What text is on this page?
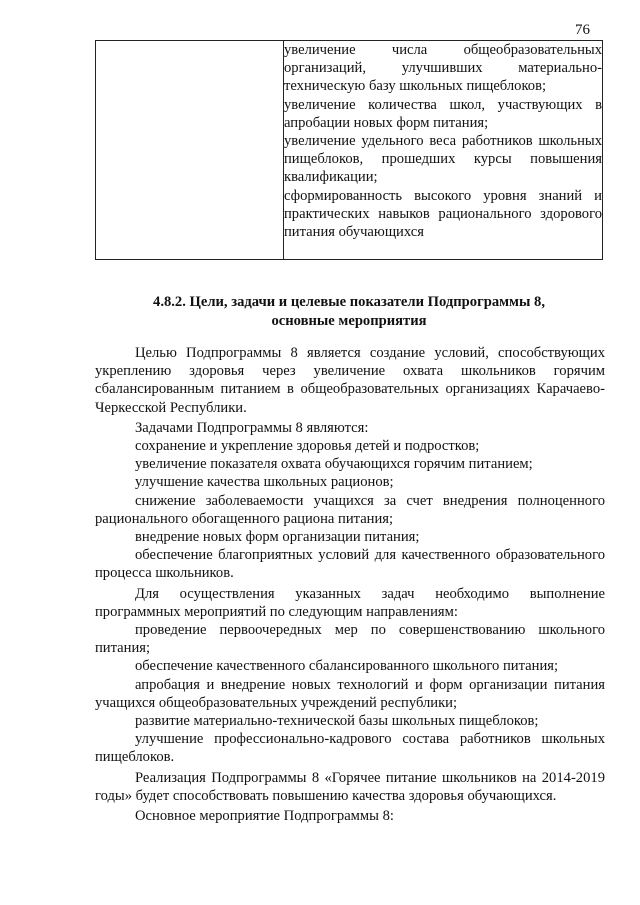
76

увеличение числа общеобразовательных организаций, улучшивших материально-техническую базу школьных пищеблоков;
увеличение количества школ, участвующих в апробации новых форм питания;
увеличение удельного веса работников школьных пищеблоков, прошедших курсы повышения квалификации;
сформированность высокого уровня знаний и практических навыков рационального здорового питания обучающихся
4.8.2. Цели, задачи и целевые показатели Подпрограммы 8,
основные мероприятия

Целью Подпрограммы 8 является создание условий, способствующих укреплению здоровья через увеличение охвата школьников горячим сбалансированным питанием в общеобразовательных организациях Карачаево-Черкесской Республики.

Задачами Подпрограммы 8 являются:

сохранение и укрепление здоровья детей и подростков;

увеличение показателя охвата обучающихся горячим питанием;

улучшение качества школьных рационов;

снижение заболеваемости учащихся за счет внедрения полноценного рационального обогащенного рациона питания;

внедрение новых форм организации питания;

обеспечение благоприятных условий для качественного образовательного процесса школьников.

Для осуществления указанных задач необходимо выполнение программных мероприятий по следующим направлениям:

проведение первоочередных мер по совершенствованию школьного питания;

обеспечение качественного сбалансированного школьного питания;

апробация и внедрение новых технологий и форм организации питания учащихся общеобразовательных учреждений республики;

развитие материально-технической базы школьных пищеблоков;

улучшение профессионально-кадрового состава работников школьных пищеблоков.

Реализация Подпрограммы 8 «Горячее питание школьников на 2014-2019 годы» будет способствовать повышению качества здоровья обучающихся.

Основное мероприятие Подпрограммы 8:
